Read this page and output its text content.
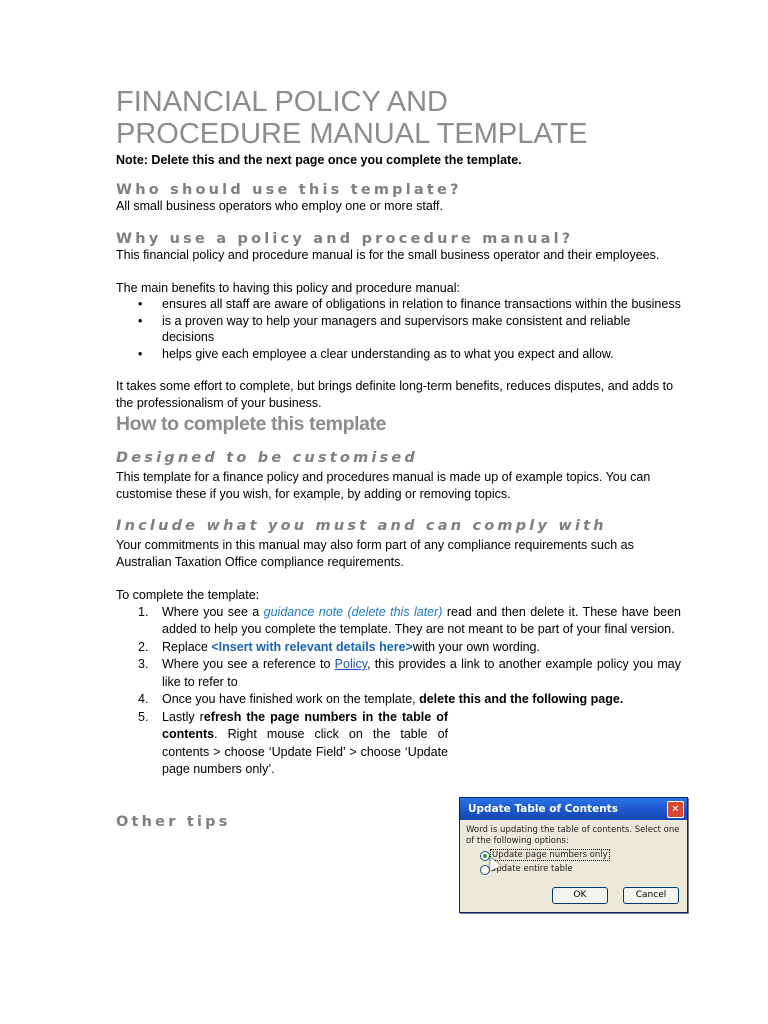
FINANCIAL POLICY AND
PROCEDURE MANUAL TEMPLATE

Note: Delete this and the next page once you complete the template.

Who should use this template?

All small business operators who employ one or more staff.

Why use a policy and procedure manual?

This financial policy and procedure manual is for the small business operator and their employees.

The main benefits to having this policy and procedure manual:

• ensures all staff are aware of obligations in relation to finance transactions within the business
• is a proven way to help your managers and supervisors make consistent and reliable decisions
• helps give each employee a clear understanding as to what you expect and allow.

It takes some effort to complete, but brings definite long-term benefits, reduces disputes, and adds to the professionalism of your business.

How to complete this template
Designed to be customised

This template for a finance policy and procedures manual is made up of example topics. You can customise these if you wish, for example, by adding or removing topics.

Include what you must and can comply with

Your commitments in this manual may also form part of any compliance requirements such as Australian Taxation Office compliance requirements.

To complete the template:

1. Where you see a guidance note (delete this later) read and then delete it. These have been added to help you complete the template. They are not meant to be part of your final version.
2. Replace <Insert with relevant details here>with your own wording.
3. Where you see a reference to Policy, this provides a link to another example policy you may like to refer to
4. Once you have finished work on the template, delete this and the following page.
5. Lastly refresh the page numbers in the table of contents. Right mouse click on the table of contents > choose ‘Update Field’ > choose ‘Update page numbers only’.
Other tips
Update Table of Contents	✕
Word is updating the table of contents. Select one of the following options:
Update page numbers only
Update entire table
OK	Cancel
